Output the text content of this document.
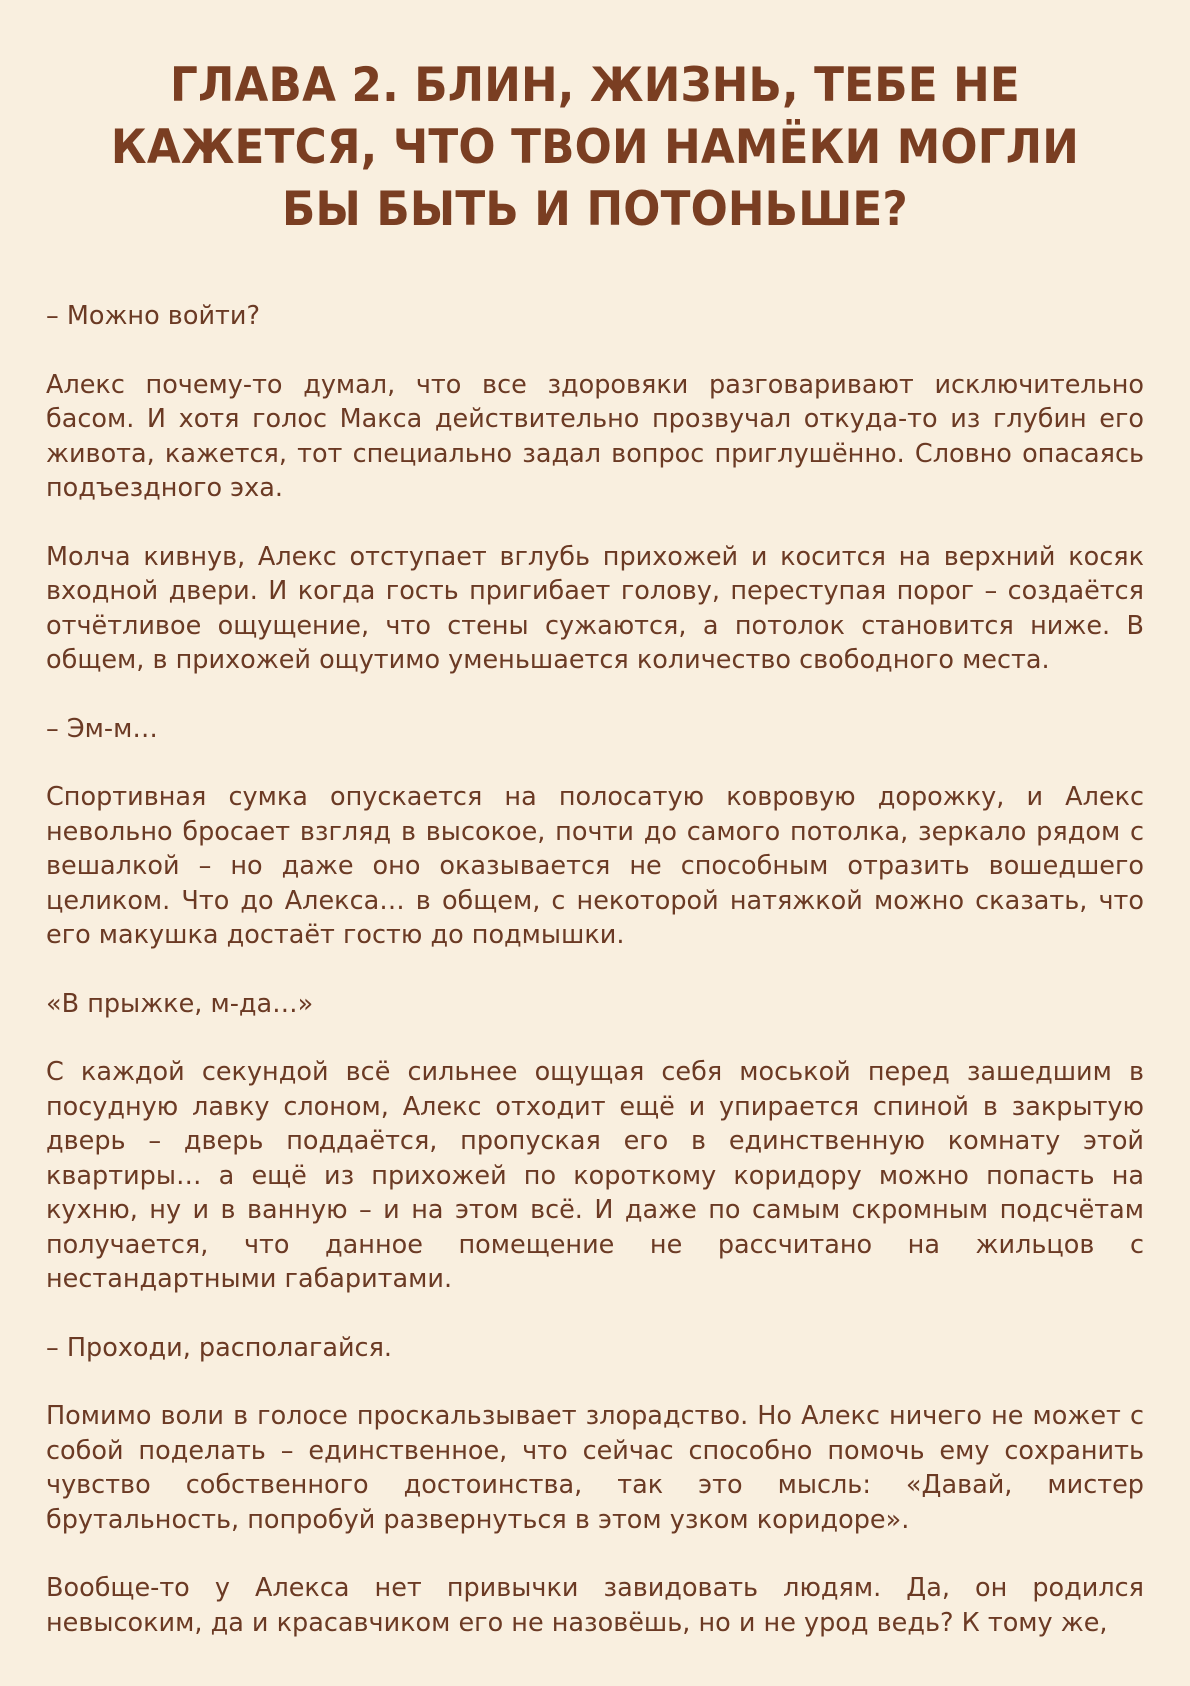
ГЛАВА 2. БЛИН, ЖИЗНЬ, ТЕБЕ НЕ КАЖЕТСЯ, ЧТО ТВОИ НАМЁКИ МОГЛИ БЫ БЫТЬ И ПОТОНЬШЕ?

– Можно войти?

Алекс почему-то думал, что все здоровяки разговаривают исключительно басом. И хотя голос Макса действительно прозвучал откуда-то из глубин его живота, кажется, тот специально задал вопрос приглушённо. Словно опасаясь подъездного эха.

Молча кивнув, Алекс отступает вглубь прихожей и косится на верхний косяк входной двери. И когда гость пригибает голову, переступая порог – создаётся отчётливое ощущение, что стены сужаются, а потолок становится ниже. В общем, в прихожей ощутимо уменьшается количество свободного места.

– Эм-м…

Спортивная сумка опускается на полосатую ковровую дорожку, и Алекс невольно бросает взгляд в высокое, почти до самого потолка, зеркало рядом с вешалкой – но даже оно оказывается не способным отразить вошедшего целиком. Что до Алекса… в общем, с некоторой натяжкой можно сказать, что его макушка достаёт гостю до подмышки.

«В прыжке, м-да…»

С каждой секундой всё сильнее ощущая себя моськой перед зашедшим в посудную лавку слоном, Алекс отходит ещё и упирается спиной в закрытую дверь – дверь поддаётся, пропуская его в единственную комнату этой квартиры… а ещё из прихожей по короткому коридору можно попасть на кухню, ну и в ванную – и на этом всё. И даже по самым скромным подсчётам получается, что данное помещение не рассчитано на жильцов с нестандартными габаритами.

– Проходи, располагайся.

Помимо воли в голосе проскальзывает злорадство. Но Алекс ничего не может с собой поделать – единственное, что сейчас способно помочь ему сохранить чувство собственного достоинства, так это мысль: «Давай, мистер брутальность, попробуй развернуться в этом узком коридоре».

Вообще-то у Алекса нет привычки завидовать людям. Да, он родился невысоким, да и красавчиком его не назовёшь, но и не урод ведь? К тому же,
